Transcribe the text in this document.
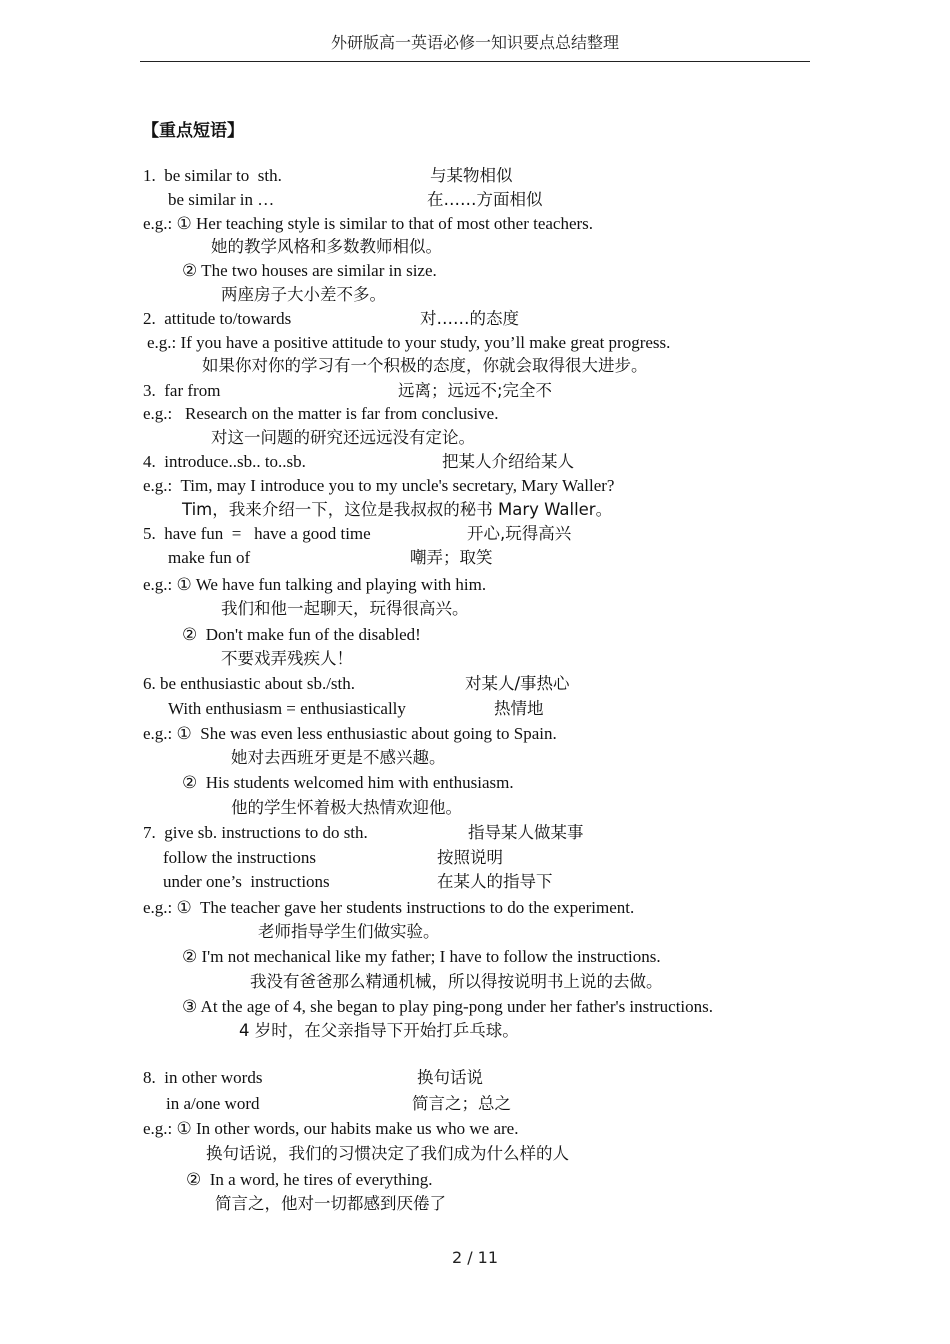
外研版高一英语必修一知识要点总结整理
【重点短语】
1.  be similar to  sth.	与某物相似
be similar in …	在……方面相似
e.g.: ① Her teaching style is similar to that of most other teachers.
她的教学风格和多数教师相似。
② The two houses are similar in size.
两座房子大小差不多。
2.  attitude to/towards	对……的态度
e.g.: If you have a positive attitude to your study, you’ll make great progress.
如果你对你的学习有一个积极的态度，你就会取得很大进步。
3.  far from	远离；远远不;完全不
e.g.:   Research on the matter is far from conclusive.
对这一问题的研究还远远没有定论。
4.  introduce..sb.. to..sb.	把某人介绍给某人
e.g.:  Tim, may I introduce you to my uncle's secretary, Mary Waller?
Tim，我来介绍一下，这位是我叔叔的秘书 Mary Waller。
5.  have fun  =   have a good time	开心,玩得高兴
make fun of	嘲弄；取笑
e.g.: ① We have fun talking and playing with him.
我们和他一起聊天，玩得很高兴。
②  Don't make fun of the disabled!
不要戏弄残疾人！
6. be enthusiastic about sb./sth.	对某人/事热心
With enthusiasm = enthusiastically	热情地
e.g.: ①  She was even less enthusiastic about going to Spain.
她对去西班牙更是不感兴趣。
②  His students welcomed him with enthusiasm.
他的学生怀着极大热情欢迎他。
7.  give sb. instructions to do sth.	指导某人做某事
follow the instructions	按照说明
under one’s  instructions	在某人的指导下
e.g.: ①  The teacher gave her students instructions to do the experiment.
老师指导学生们做实验。
② I'm not mechanical like my father; I have to follow the instructions.
我没有爸爸那么精通机械，所以得按说明书上说的去做。
③ At the age of 4, she began to play ping-pong under her father's instructions.
4 岁时，在父亲指导下开始打乒乓球。
8.  in other words	换句话说
in a/one word	简言之；总之
e.g.: ① In other words, our habits make us who we are.
换句话说，我们的习惯决定了我们成为什么样的人
②  In a word, he tires of everything.
简言之，他对一切都感到厌倦了
2 / 11
